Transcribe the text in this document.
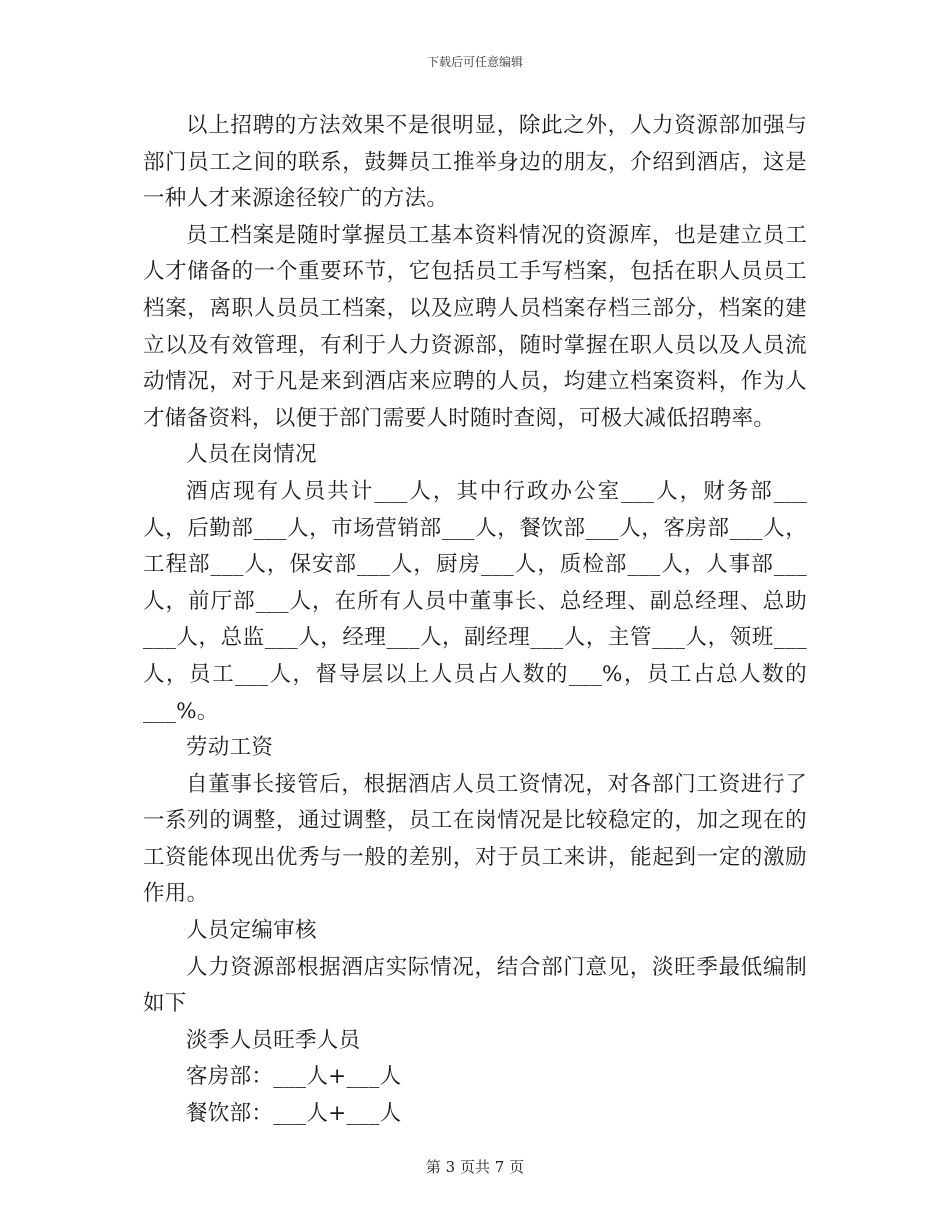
下载后可任意编辑

以上招聘的方法效果不是很明显，除此之外，人力资源部加强与部门员工之间的联系，鼓舞员工推举身边的朋友，介绍到酒店，这是一种人才来源途径较广的方法。

员工档案是随时掌握员工基本资料情况的资源库，也是建立员工人才储备的一个重要环节，它包括员工手写档案，包括在职人员员工档案，离职人员员工档案，以及应聘人员档案存档三部分，档案的建立以及有效管理，有利于人力资源部，随时掌握在职人员以及人员流动情况，对于凡是来到酒店来应聘的人员，均建立档案资料，作为人才储备资料，以便于部门需要人时随时查阅，可极大减低招聘率。

人员在岗情况

酒店现有人员共计___人，其中行政办公室___人，财务部___人，后勤部___人，市场营销部___人，餐饮部___人，客房部___人，工程部___人，保安部___人，厨房___人，质检部___人，人事部___人，前厅部___人，在所有人员中董事长、总经理、副总经理、总助___人，总监___人，经理___人，副经理___人，主管___人，领班___人，员工___人，督导层以上人员占人数的___%，员工占总人数的___%。

劳动工资

自董事长接管后，根据酒店人员工资情况，对各部门工资进行了一系列的调整，通过调整，员工在岗情况是比较稳定的，加之现在的工资能体现出优秀与一般的差别，对于员工来讲，能起到一定的激励作用。

人员定编审核

人力资源部根据酒店实际情况，结合部门意见，淡旺季最低编制如下

淡季人员旺季人员

客房部：___人+___人

餐饮部：___人+___人

第 3 页共 7 页
